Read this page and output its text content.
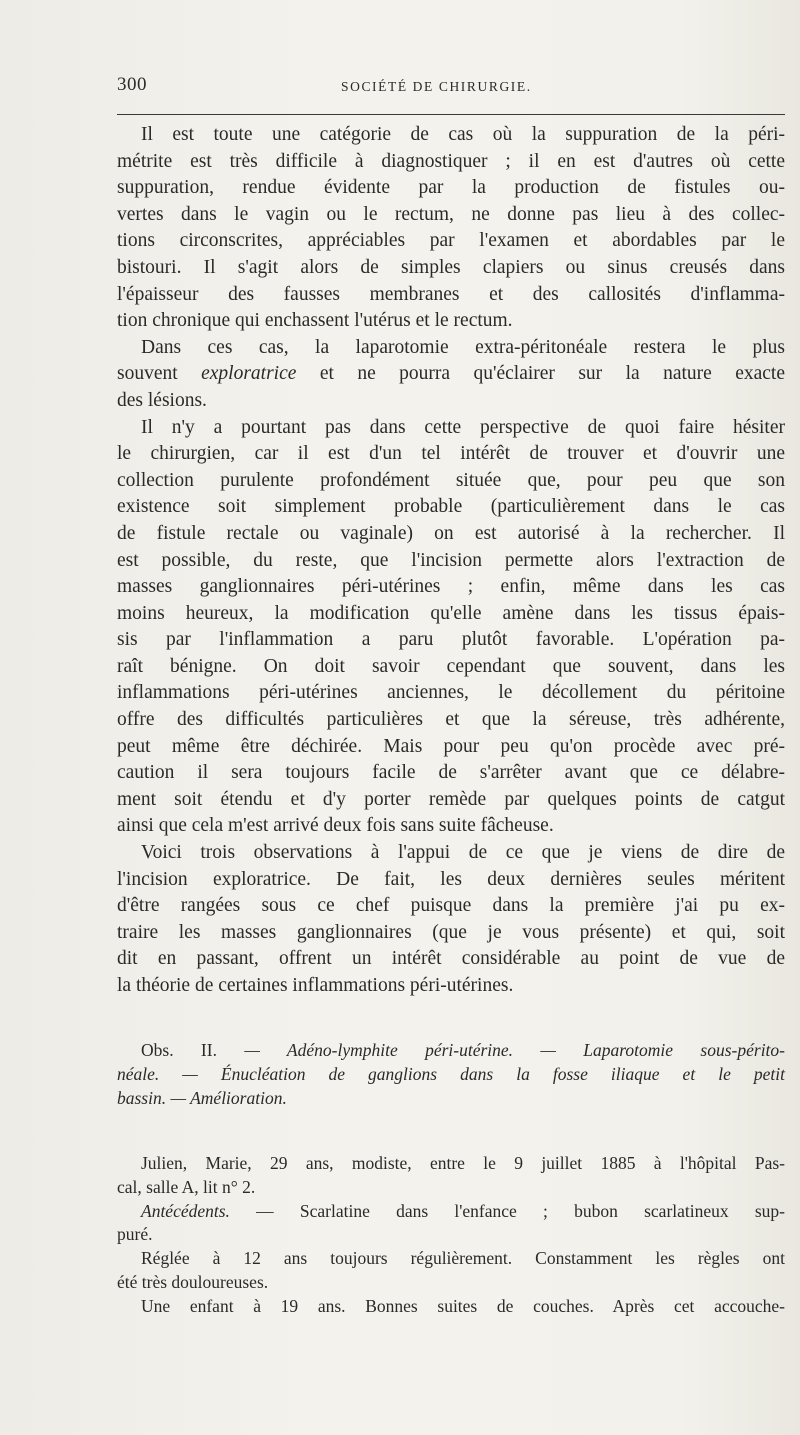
300	SOCIÉTÉ DE CHIRURGIE.
Il est toute une catégorie de cas où la suppuration de la péri-
métrite est très difficile à diagnostiquer ; il en est d'autres où cette
suppuration, rendue évidente par la production de fistules ou-
vertes dans le vagin ou le rectum, ne donne pas lieu à des collec-
tions circonscrites, appréciables par l'examen et abordables par le
bistouri. Il s'agit alors de simples clapiers ou sinus creusés dans
l'épaisseur des fausses membranes et des callosités d'inflamma-
tion chronique qui enchassent l'utérus et le rectum.
Dans ces cas, la laparotomie extra-péritonéale restera le plus
souvent exploratrice et ne pourra qu'éclairer sur la nature exacte
des lésions.
Il n'y a pourtant pas dans cette perspective de quoi faire hésiter
le chirurgien, car il est d'un tel intérêt de trouver et d'ouvrir une
collection purulente profondément située que, pour peu que son
existence soit simplement probable (particulièrement dans le cas
de fistule rectale ou vaginale) on est autorisé à la rechercher. Il
est possible, du reste, que l'incision permette alors l'extraction de
masses ganglionnaires péri-utérines ; enfin, même dans les cas
moins heureux, la modification qu'elle amène dans les tissus épais-
sis par l'inflammation a paru plutôt favorable. L'opération pa-
raît bénigne. On doit savoir cependant que souvent, dans les
inflammations péri-utérines anciennes, le décollement du péritoine
offre des difficultés particulières et que la séreuse, très adhérente,
peut même être déchirée. Mais pour peu qu'on procède avec pré-
caution il sera toujours facile de s'arrêter avant que ce délabre-
ment soit étendu et d'y porter remède par quelques points de catgut
ainsi que cela m'est arrivé deux fois sans suite fâcheuse.
Voici trois observations à l'appui de ce que je viens de dire de
l'incision exploratrice. De fait, les deux dernières seules méritent
d'être rangées sous ce chef puisque dans la première j'ai pu ex-
traire les masses ganglionnaires (que je vous présente) et qui, soit
dit en passant, offrent un intérêt considérable au point de vue de
la théorie de certaines inflammations péri-utérines.
Obs. II. — Adéno-lymphite péri-utérine. — Laparotomie sous-périto-
néale. — Énucléation de ganglions dans la fosse iliaque et le petit
bassin. — Amélioration.
Julien, Marie, 29 ans, modiste, entre le 9 juillet 1885 à l'hôpital Pas-
cal, salle A, lit n° 2.
Antécédents. — Scarlatine dans l'enfance ; bubon scarlatineux sup-
puré.
Réglée à 12 ans toujours régulièrement. Constamment les règles ont
été très douloureuses.
Une enfant à 19 ans. Bonnes suites de couches. Après cet accouche-
